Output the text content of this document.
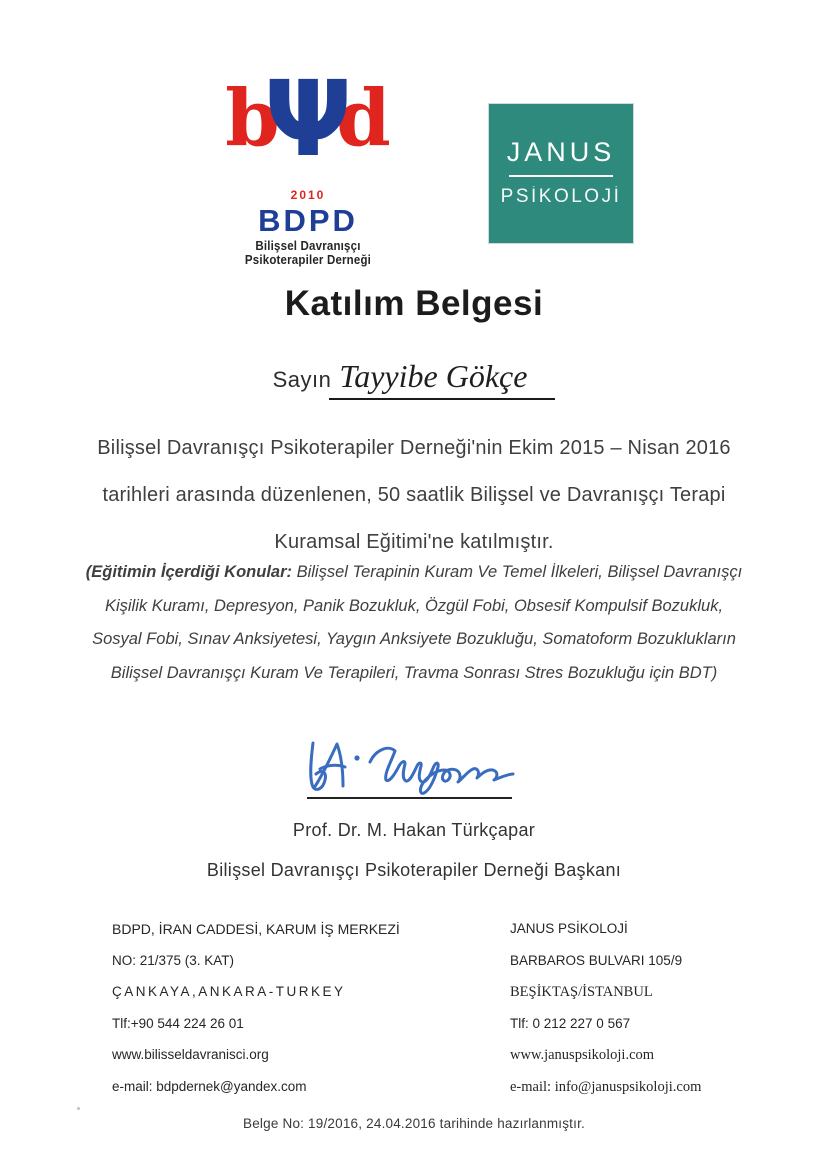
b
Ψ
d
2010
BDPD
Bilişsel Davranışçı
Psikoterapiler Derneği
JANUS
PSİKOLOJİ
Katılım Belgesi
Sayın Tayyibe Gökçe
Bilişsel Davranışçı Psikoterapiler Derneği'nin Ekim 2015 – Nisan 2016 tarihleri arasında düzenlenen, 50 saatlik Bilişsel ve Davranışçı Terapi Kuramsal Eğitimi'ne katılmıştır.
(Eğitimin İçerdiği Konular: Bilişsel Terapinin Kuram Ve Temel İlkeleri, Bilişsel Davranışçı Kişilik Kuramı, Depresyon, Panik Bozukluk, Özgül Fobi, Obsesif Kompulsif Bozukluk, Sosyal Fobi, Sınav Anksiyetesi, Yaygın Anksiyete Bozukluğu, Somatoform Bozuklukların Bilişsel Davranışçı Kuram Ve Terapileri, Travma Sonrası Stres Bozukluğu için BDT)
Prof. Dr. M. Hakan Türkçapar
Bilişsel Davranışçı Psikoterapiler Derneği Başkanı
BDPD, İRAN CADDESİ, KARUM İŞ MERKEZİ
NO: 21/375 (3. KAT)
ÇANKAYA,ANKARA-TURKEY
Tlf:+90 544 224 26 01
www.bilisseldavranisci.org
e-mail: bdpdernek@yandex.com
JANUS PSİKOLOJİ
BARBAROS BULVARI 105/9
BEŞİKTAŞ/İSTANBUL
Tlf: 0 212 227 0 567
www.januspsikoloji.com
e-mail: info@januspsikoloji.com
Belge No: 19/2016, 24.04.2016 tarihinde hazırlanmıştır.
